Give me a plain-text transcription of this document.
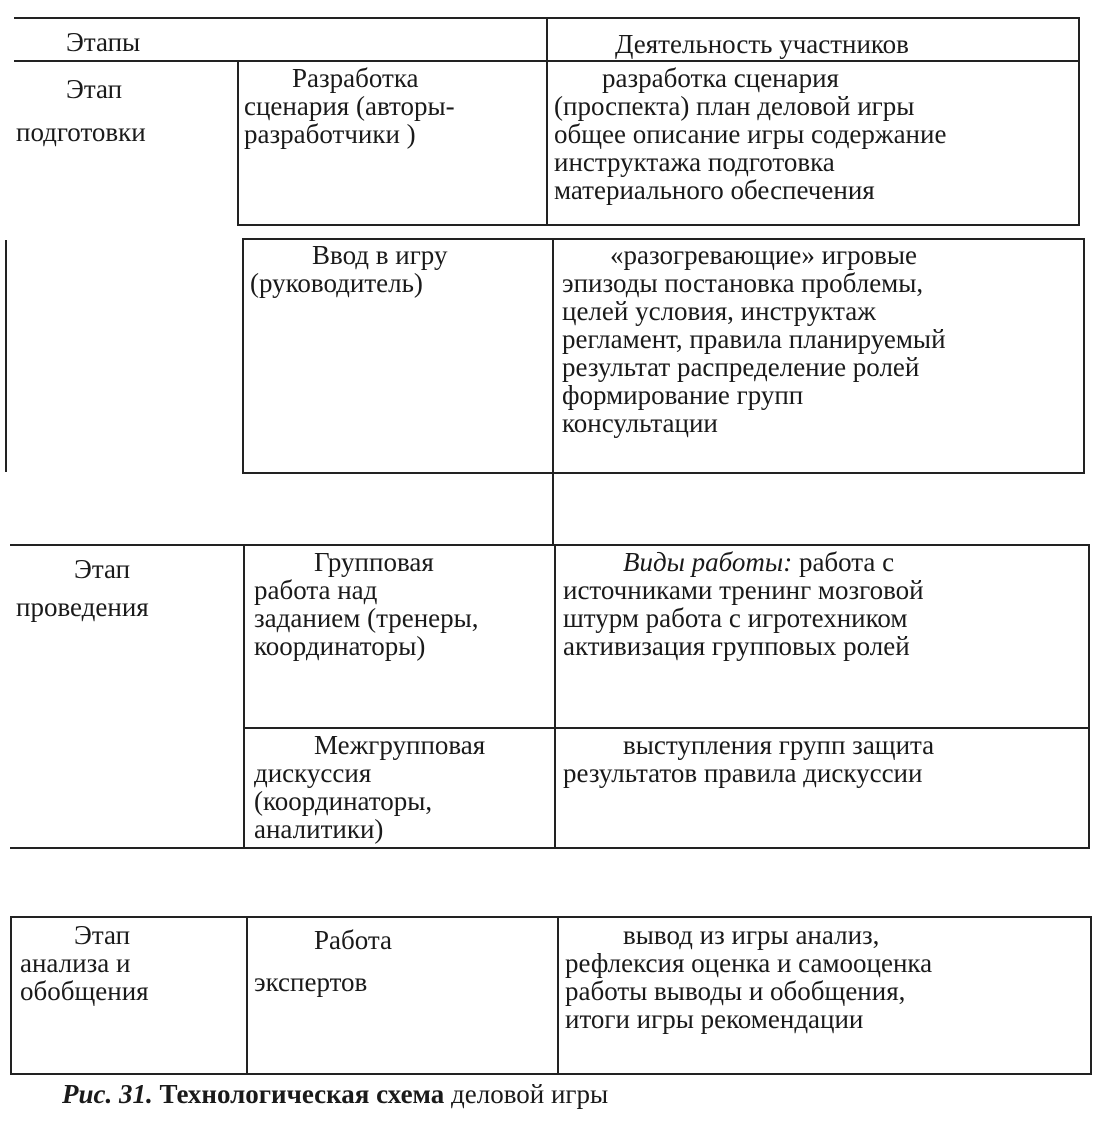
Этапы	Деятельность участников

Этап
подготовки

Этап
проведения

Этап
анализа и
обобщения

Разработка
сценария (авторы-
разработчики )

разработка сценария
(проспекта) план деловой игры
общее описание игры содержание
инструктажа подготовка
материального обеспечения

Ввод в игру
(руководитель)

«разогревающие» игровые
эпизоды постановка проблемы,
целей условия, инструктаж
регламент, правила планируемый
результат распределение ролей
формирование групп
консультации

Групповая
работа над
заданием (тренеры,
координаторы)

Виды работы: работа с
источниками тренинг мозговой
штурм работа с игротехником
активизация групповых ролей

Межгрупповая
дискуссия
(координаторы,
аналитики)

выступления групп защита
результатов правила дискуссии

Работа

экспертов

вывод из игры анализ,
рефлексия оценка и самооценка
работы выводы и обобщения,
итоги игры рекомендации

Рис. 31. Технологическая схема деловой игры
